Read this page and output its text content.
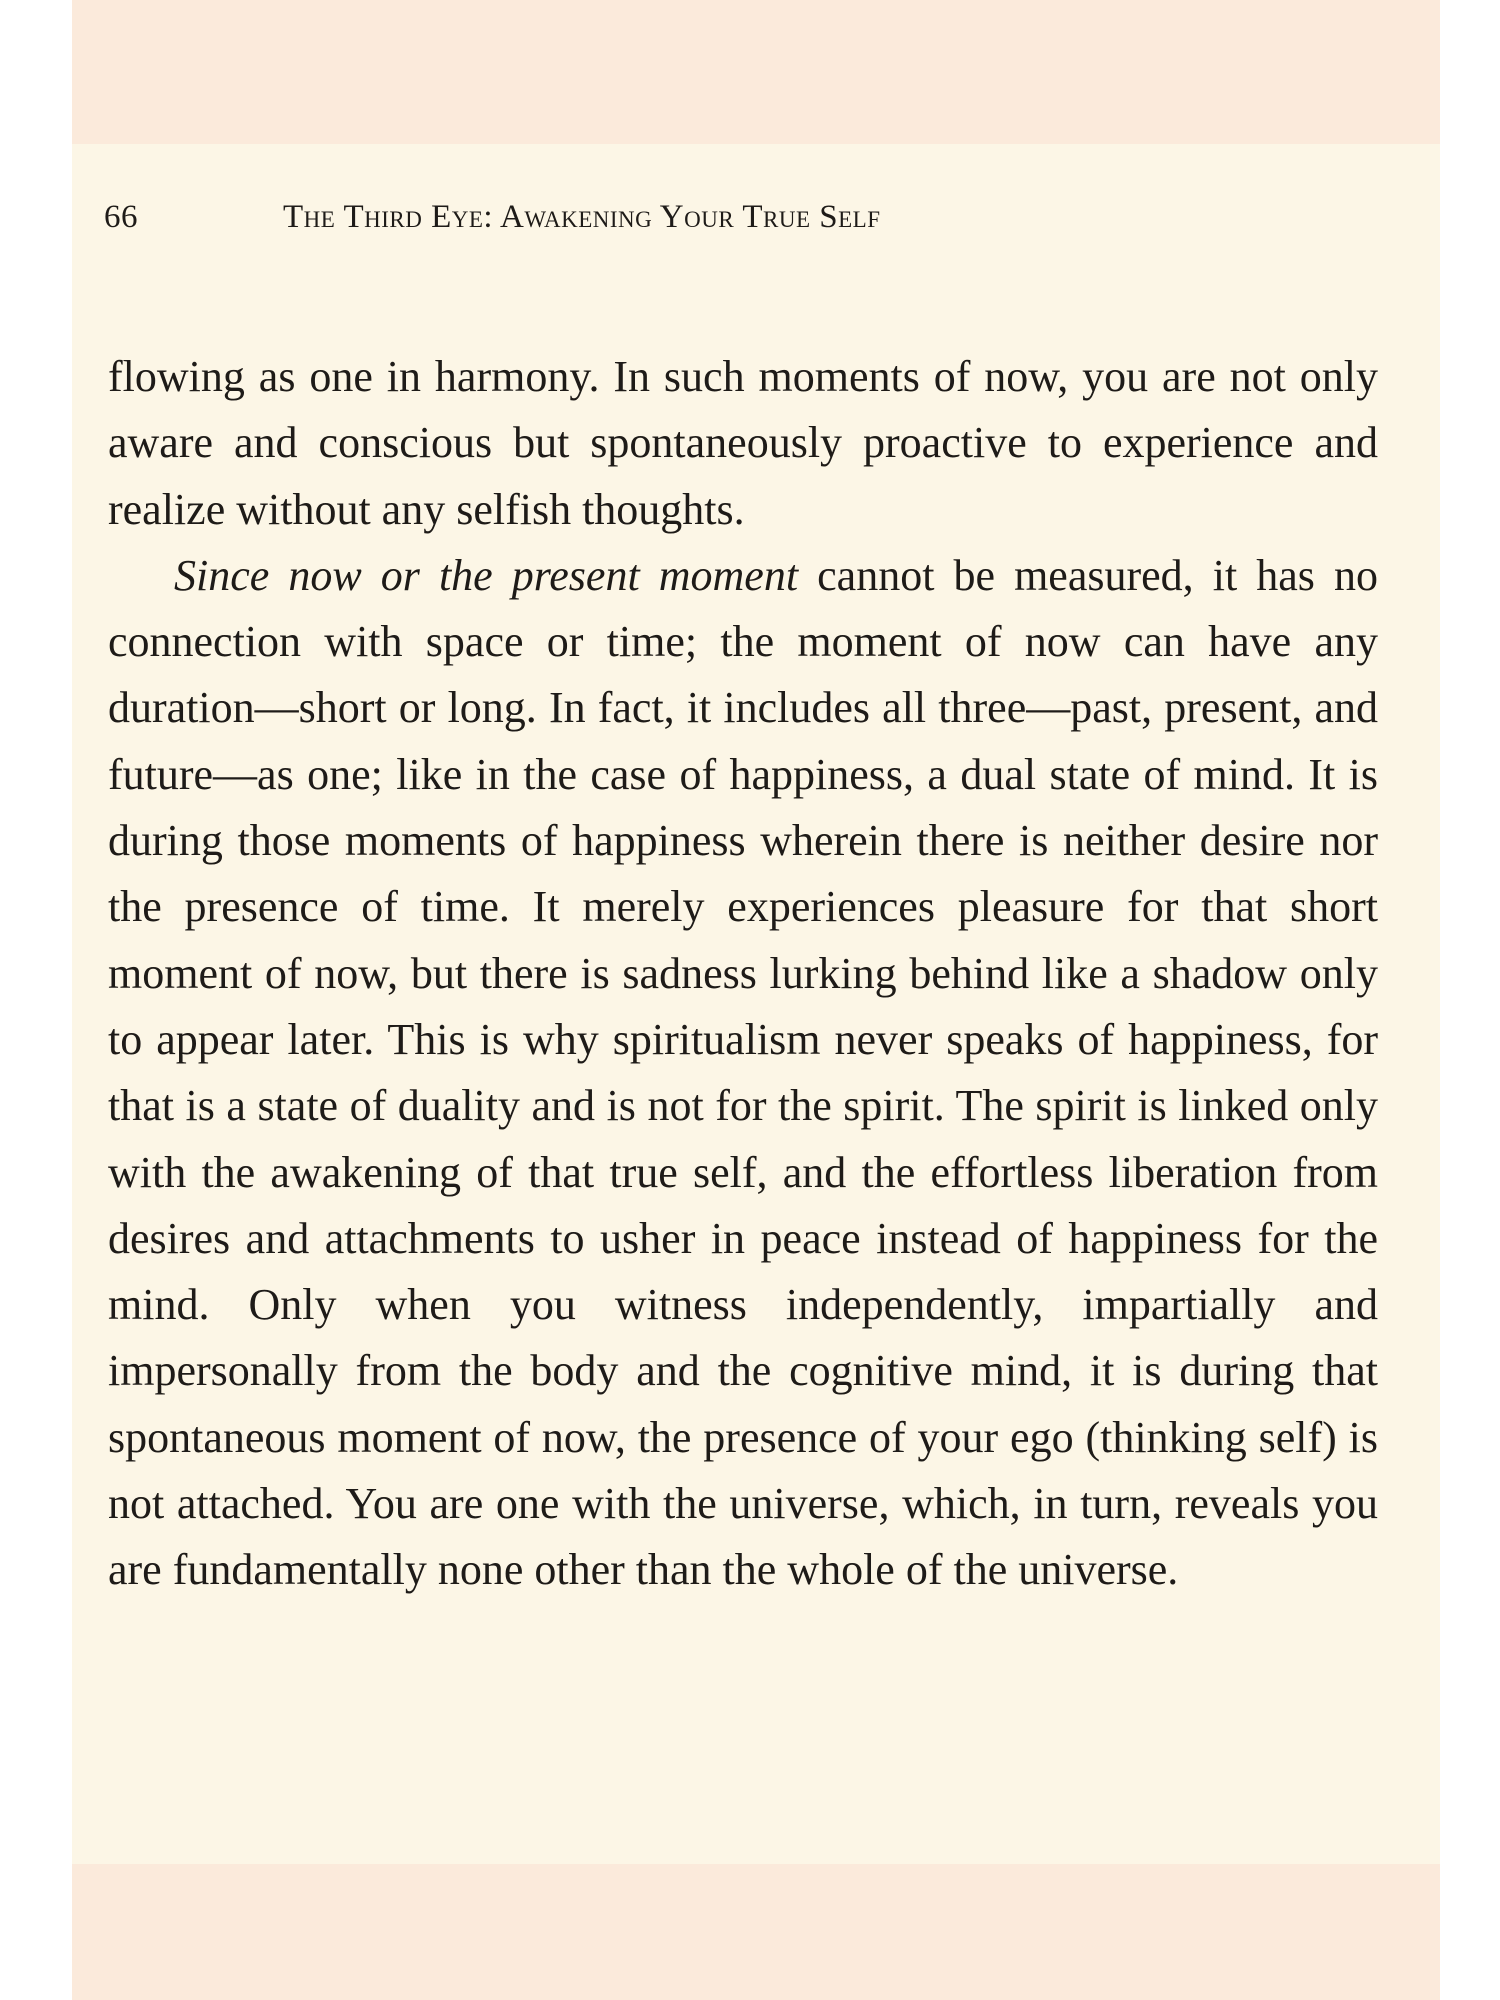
66	The Third Eye: Awakening Your True Self

flowing as one in harmony. In such moments of now, you are not only aware and conscious but spontaneously proactive to experience and realize without any selfish thoughts.

Since now or the present moment cannot be measured, it has no connection with space or time; the moment of now can have any duration—short or long. In fact, it includes all three—past, present, and future—as one; like in the case of happiness, a dual state of mind. It is during those moments of happiness wherein there is neither desire nor the presence of time. It merely experiences pleasure for that short moment of now, but there is sadness lurking behind like a shadow only to appear later. This is why spiritualism never speaks of happiness, for that is a state of duality and is not for the spirit. The spirit is linked only with the awakening of that true self, and the effortless liberation from desires and attachments to usher in peace instead of happiness for the mind. Only when you witness independently, impartially and impersonally from the body and the cognitive mind, it is during that spontaneous moment of now, the presence of your ego (thinking self) is not attached. You are one with the universe, which, in turn, reveals you are fundamentally none other than the whole of the universe.
